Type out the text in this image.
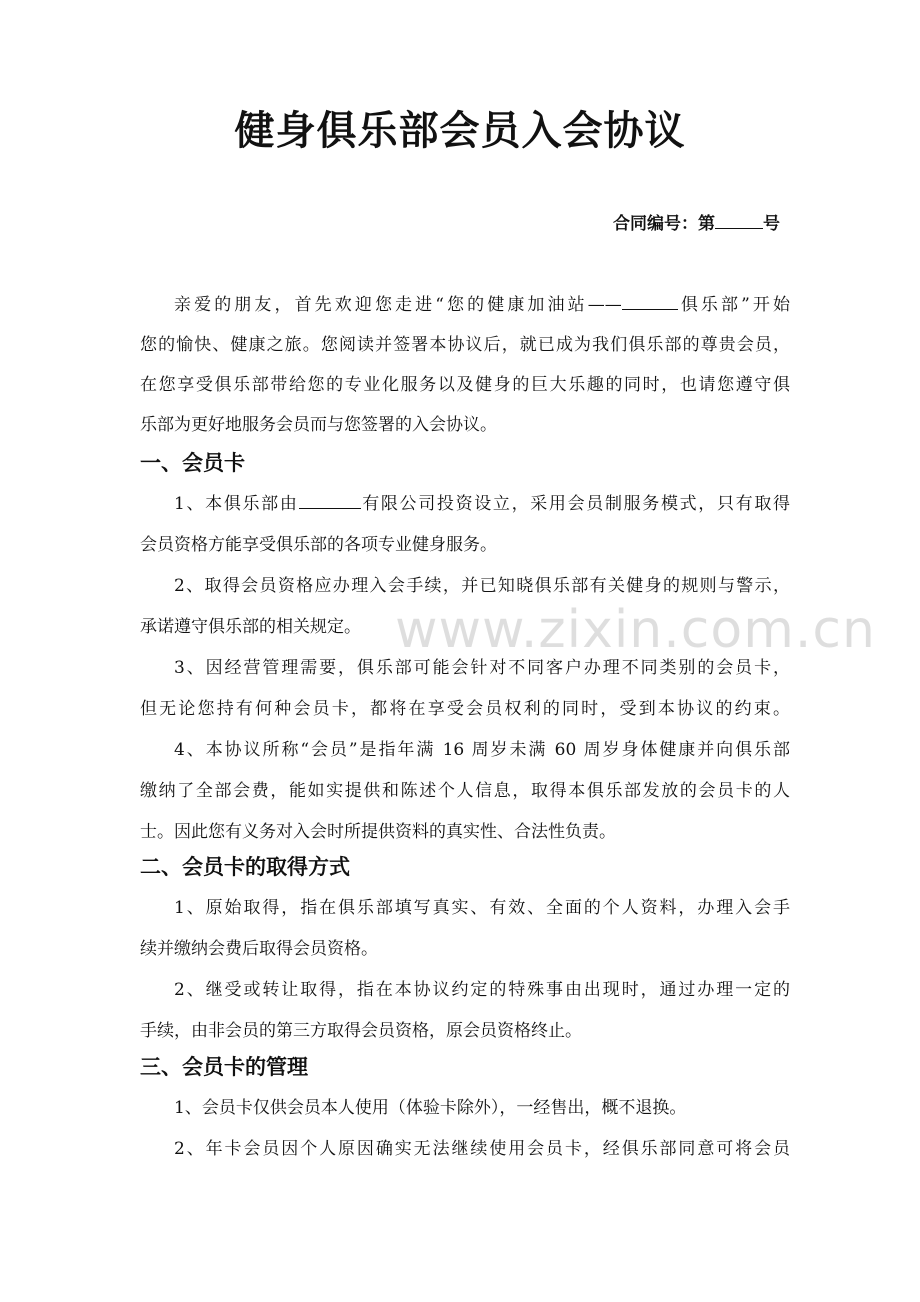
健身俱乐部会员入会协议
合同编号：第	号
亲爱的朋友，首先欢迎您走进“您的健康加油站——	俱乐部”开始
您的愉快、健康之旅。您阅读并签署本协议后，就已成为我们俱乐部的尊贵会员，
在您享受俱乐部带给您的专业化服务以及健身的巨大乐趣的同时，也请您遵守俱
乐部为更好地服务会员而与您签署的入会协议。
一、会员卡
1、本俱乐部由	有限公司投资设立，采用会员制服务模式，只有取得
会员资格方能享受俱乐部的各项专业健身服务。
2、取得会员资格应办理入会手续，并已知晓俱乐部有关健身的规则与警示，
承诺遵守俱乐部的相关规定。
3、因经营管理需要，俱乐部可能会针对不同客户办理不同类别的会员卡，
但无论您持有何种会员卡，都将在享受会员权利的同时，受到本协议的约束。
4、本协议所称“会员”是指年满 16 周岁未满 60 周岁身体健康并向俱乐部
缴纳了全部会费，能如实提供和陈述个人信息，取得本俱乐部发放的会员卡的人
士。因此您有义务对入会时所提供资料的真实性、合法性负责。
二、会员卡的取得方式
1、原始取得，指在俱乐部填写真实、有效、全面的个人资料，办理入会手
续并缴纳会费后取得会员资格。
2、继受或转让取得，指在本协议约定的特殊事由出现时，通过办理一定的
手续，由非会员的第三方取得会员资格，原会员资格终止。
三、会员卡的管理
1、会员卡仅供会员本人使用（体验卡除外），一经售出，概不退换。
2、年卡会员因个人原因确实无法继续使用会员卡，经俱乐部同意可将会员
www.zixin.com.cn
